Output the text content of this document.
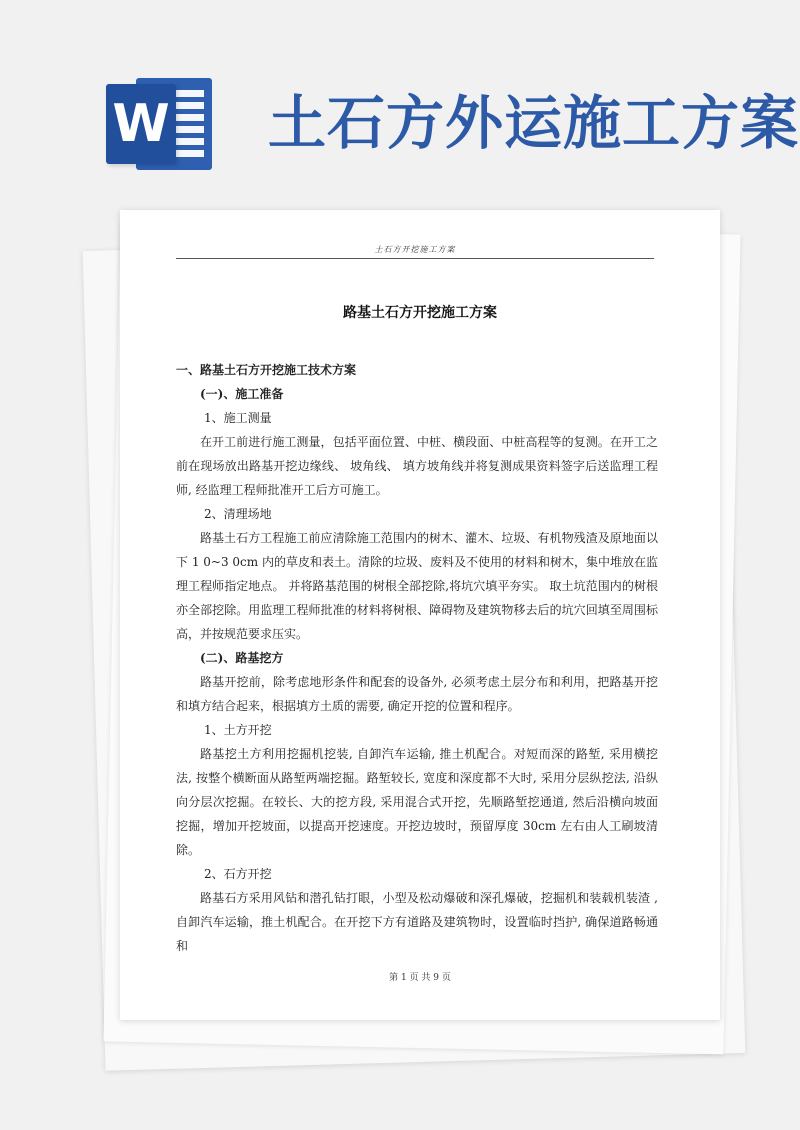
W 土石方外运施工方案
土石方开挖施工方案
路基土石方开挖施工方案

一、路基土石方开挖施工技术方案

(一)、施工准备

1、施工测量

在开工前进行施工测量，包括平面位置、中桩、横段面、中桩高程等的复测。在开工之前在现场放出路基开挖边缘线、 坡角线、 填方坡角线并将复测成果资料签字后送监理工程师, 经监理工程师批准开工后方可施工。

2、清理场地

路基土石方工程施工前应清除施工范围内的树木、灌木、垃圾、有机物残渣及原地面以下 1 0~3 0cm 内的草皮和表土。清除的垃圾、废料及不使用的材料和树木，集中堆放在监理工程师指定地点。 并将路基范围的树根全部挖除,将坑穴填平夯实。 取土坑范围内的树根亦全部挖除。用监理工程师批准的材料将树根、障碍物及建筑物移去后的坑穴回填至周围标高，并按规范要求压实。

(二)、路基挖方

路基开挖前，除考虑地形条件和配套的设备外, 必须考虑土层分布和利用，把路基开挖和填方结合起来，根据填方土质的需要, 确定开挖的位置和程序。

1、土方开挖

路基挖土方利用挖掘机挖装, 自卸汽车运输, 推土机配合。对短而深的路堑, 采用横挖法, 按整个横断面从路堑两端挖掘。路堑较长, 宽度和深度都不大时, 采用分层纵挖法, 沿纵向分层次挖掘。在较长、大的挖方段, 采用混合式开挖，先顺路堑挖通道, 然后沿横向坡面挖掘，增加开挖坡面，以提高开挖速度。开挖边坡时，预留厚度 30cm 左右由人工刷坡清除。

2、石方开挖

路基石方采用风钻和潜孔钻打眼，小型及松动爆破和深孔爆破，挖掘机和装载机装渣 , 自卸汽车运输，推土机配合。在开挖下方有道路及建筑物时，设置临时挡护, 确保道路畅通和

第 1 页 共 9 页
